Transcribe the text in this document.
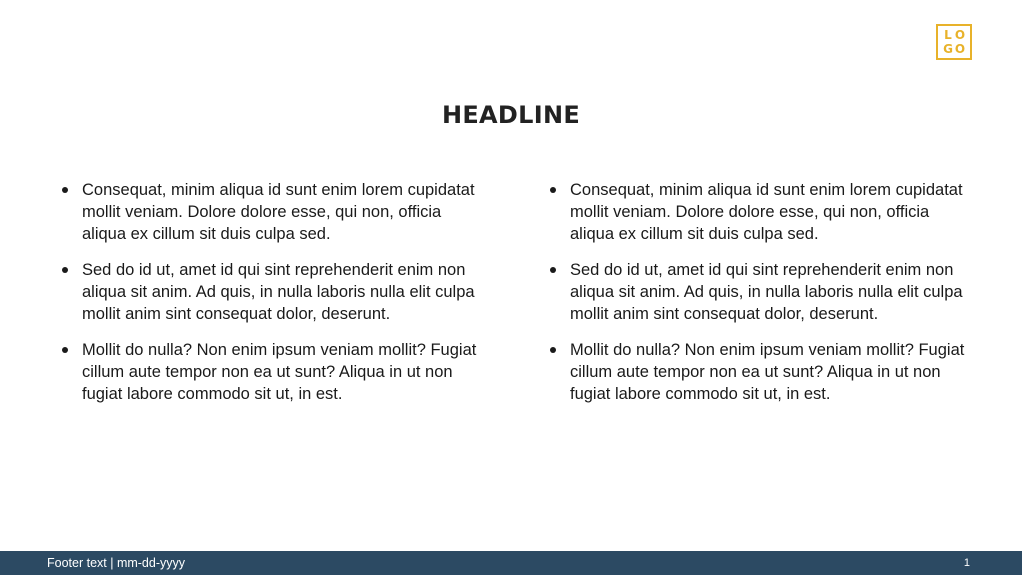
L O
G O
HEADLINE
Consequat, minim aliqua id sunt enim lorem cupidatat mollit veniam. Dolore dolore esse, qui non, officia aliqua ex cillum sit duis culpa sed.
Sed do id ut, amet id qui sint reprehenderit enim non aliqua sit anim. Ad quis, in nulla laboris nulla elit culpa mollit anim sint consequat dolor, deserunt.
Mollit do nulla? Non enim ipsum veniam mollit? Fugiat cillum aute tempor non ea ut sunt? Aliqua in ut non fugiat labore commodo sit ut, in est.
Consequat, minim aliqua id sunt enim lorem cupidatat mollit veniam. Dolore dolore esse, qui non, officia aliqua ex cillum sit duis culpa sed.
Sed do id ut, amet id qui sint reprehenderit enim non aliqua sit anim. Ad quis, in nulla laboris nulla elit culpa mollit anim sint consequat dolor, deserunt.
Mollit do nulla? Non enim ipsum veniam mollit? Fugiat cillum aute tempor non ea ut sunt? Aliqua in ut non fugiat labore commodo sit ut, in est.
Footer text | mm-dd-yyyy	1
